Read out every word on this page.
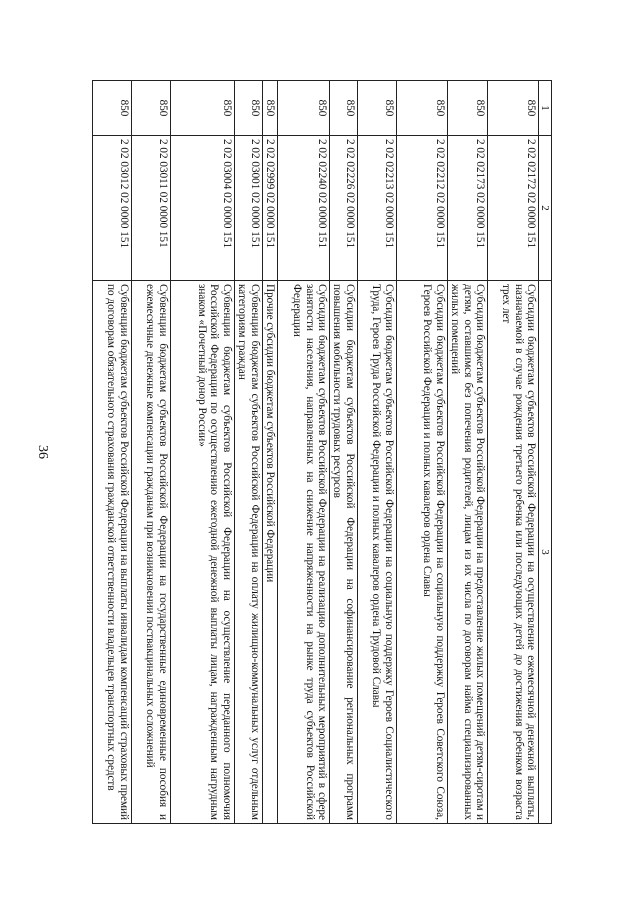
36
1	2	3
850	2 02 02172 02 0000 151	Субсидии бюджетам субъектов Российской Федерации на осуществление ежемесячной денежной выплаты, назначаемой в случае рождения третьего ребенка или последующих детей до достижения ребенком возраста трех лет
850	2 02 02173 02 0000 151	Субсидии бюджетам субъектов Российской Федерации на предоставление жилых помещений детям-сиротам и детям, оставшимся без попечения родителей, лицам из их числа по договорам найма специализированных жилых помещений
850	2 02 02212 02 0000 151	Субсидии бюджетам субъектов Российской Федерации на социальную поддержку Героев Советского Союза, Героев Российской Федерации и полных кавалеров ордена Славы
850	2 02 02213 02 0000 151	Субсидии бюджетам субъектов Российской Федерации на социальную поддержку Героев Социалистического Труда, Героев Труда Российской Федерации и полных кавалеров ордена Трудовой Славы
850	2 02 02226 02 0000 151	Субсидии бюджетам субъектов Российской Федерации на софинансирование региональных программ повышения мобильности трудовых ресурсов
850	2 02 02240 02 0000 151	Субсидии бюджетам субъектов Российской Федерации на реализацию дополнительных мероприятий в сфере занятости населения, направленных на снижение напряженности на рынке труда субъектов Российской Федерации
850	2 02 02999 02 0000 151	Прочие субсидии бюджетам субъектов Российской Федерации
850	2 02 03001 02 0000 151	Субвенции бюджетам субъектов Российской Федерации на оплату жилищно-коммунальных услуг отдельным категориям граждан
850	2 02 03004 02 0000 151	Субвенции бюджетам субъектов Российской Федерации на осуществление переданного полномочия Российской Федерации по осуществлению ежегодной денежной выплаты лицам, награжденным нагрудным знаком «Почетный донор России»
850	2 02 03011 02 0000 151	Субвенции бюджетам субъектов Российской Федерации на государственные единовременные пособия и ежемесячные денежные компенсации гражданам при возникновении поствакцинальных осложнений
850	2 02 03012 02 0000 151	Субвенции бюджетам субъектов Российской Федерации на выплаты инвалидам компенсаций страховых премий по договорам обязательного страхования гражданской ответственности владельцев транспортных средств
